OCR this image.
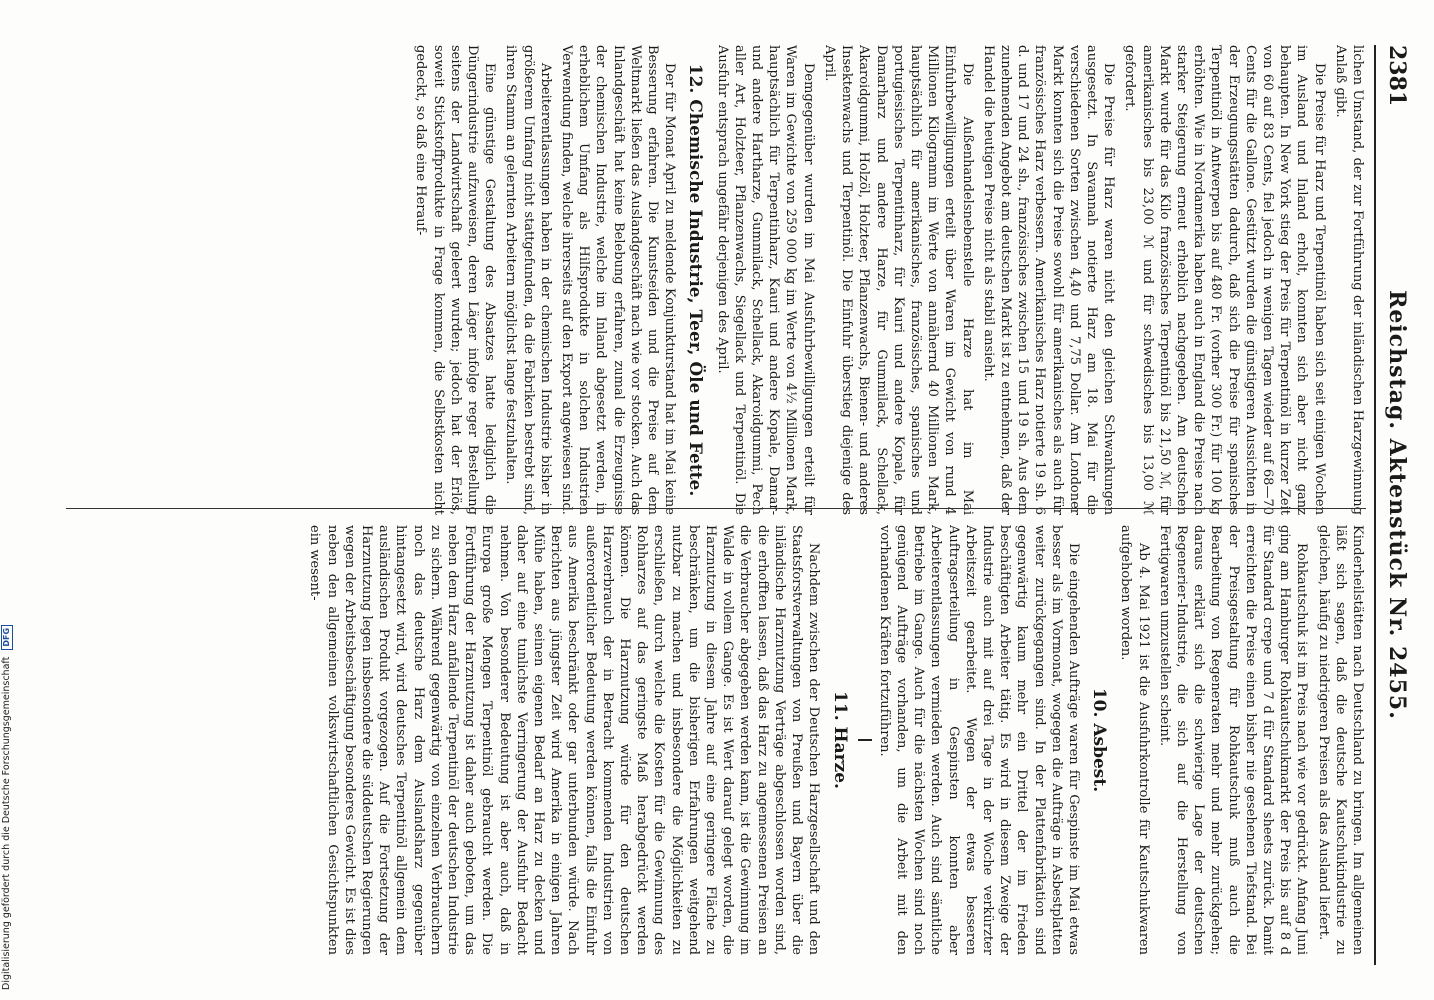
2381
Reichstag. Aktenstück Nr. 2455.

lichen Umstand, der zur Fortführung der inländischen Harzgewinnung Anlaß gibt.

Die Preise für Harz und Terpentinöl haben sich seit einigen Wochen im Ausland und Inland erholt, konnten sich aber nicht ganz behaupten. In New York stieg der Preis für Terpentinöl in kurzer Zeit von 60 auf 83 Cents, fiel jedoch in wenigen Tagen wieder auf 68—70 Cents für die Gallone. Gestützt wurden die günstigeren Aussichten in der Erzeugungsstätten dadurch, daß sich die Preise für spanisches Terpentinöl in Antwerpen bis auf 480 Fr. (vorher 300 Fr.) für 100 kg erhöhten. Wie in Nordamerika haben auch in England die Preise nach starker Steigerung erneut erheblich nachgegeben. Am deutschen Markt wurde für das Kilo französisches Terpentinöl bis 21,50 ℳ, für amerikanisches bis 23,00 ℳ und für schwedisches bis 13,00 ℳ gefordert.

Die Preise für Harz waren nicht den gleichen Schwankungen ausgesetzt. In Savannah notierte Harz am 18. Mai für die verschiedenen Sorten zwischen 4,40 und 7,75 Dollar. Am Londoner Markt konnten sich die Preise sowohl für amerikanisches als auch für französisches Harz verbessern. Amerikanisches Harz notierte 19 sh. 6 d. und 17 und 24 sh., französisches zwischen 15 und 19 sh. Aus dem zunehmenden Angebot am deutschen Markt ist zu entnehmen, daß der Handel die heutigen Preise nicht als stabil ansieht.

Die Außenhandelsnebenstelle Harze hat im Mai Einfuhrbewilligungen erteilt über Waren im Gewicht von rund 4 Millionen Kilogramm im Werte von annähernd 40 Millionen Mark, hauptsächlich für amerikanisches, französisches, spanisches und portugiesisches Terpentinharz, für Kauri und andere Kopale, für Damarharz und andere Harze, für Gummilack, Schellack, Akaroidgummi, Holzöl, Holzteer, Pflanzenwachs, Bienen- und anderes Insektenwachs und Terpentinöl. Die Einfuhr überstieg diejenige des April.

Demgegenüber wurden im Mai Ausfuhrbewilligungen erteilt für Waren im Gewichte von 259 000 kg im Werte von 4½ Millionen Mark, hauptsächlich für Terpentinharz, Kauri und andere Kopale, Damar- und andere Hartharze, Gummilack, Schellack, Akaroidgummi, Pech aller Art, Holzteer, Pflanzenwachs, Siegellack und Terpentinöl. Die Ausfuhr entsprach ungefähr derjenigen des April.

12. Chemische Industrie, Teer, Öle und Fette.

Der für Monat April zu meldende Konjunkturstand hat im Mai keine Besserung erfahren. Die Kunstseiden und die Preise auf dem Weltmarkt ließen das Auslandgeschäft nach wie vor stocken. Auch das Inlandgeschäft hat keine Belebung erfahren, zumal die Erzeugnisse der chemischen Industrie, welche im Inland abgesetzt werden, in erheblichem Umfang als Hilfsprodukte in solchen Industrien Verwendung finden, welche ihrerseits auf den Export angewiesen sind.

Arbeiterentlassungen haben in der chemischen Industrie bisher in größerem Umfang nicht stattgefunden, da die Fabriken bestrebt sind, ihren Stamm an gelernten Arbeitern möglichst lange festzuhalten.

Eine günstige Gestaltung des Absatzes hatte lediglich die Düngerindustrie aufzuweisen, deren Läger infolge reger Bestellung seitens der Landwirtschaft geleert wurden; jedoch hat der Erlös, soweit Stickstoffprodukte in Frage kommen, die Selbstkosten nicht gedeckt, so daß eine Herauf-

Kinderheilstätten nach Deutschland zu bringen. Im allgemeinen läßt sich sagen, daß die deutsche Kautschukindustrie zu gleichen, häufig zu niedrigeren Preisen als das Ausland liefert.

Rohkautschuk ist im Preis nach wie vor gedrückt. Anfang Juni ging am Hamburger Rohkautschukmarkt der Preis bis auf 8 d für Standard crepe und 7 d für Standard sheets zurück. Damit erreichten die Preise einen bisher nie gesehenen Tiefstand. Bei der Preisgestaltung für Rohkautschuk muß auch die Bearbeitung von Regeneraten mehr und mehr zurückgehen; daraus erklärt sich die schwierige Lage der deutschen Regenerier-Industrie, die sich auf die Herstellung von Fertigwaren umzustellen scheint.

Ab 4. Mai 1921 ist die Ausfuhrkontrolle für Kautschukwaren aufgehoben worden.

10. Asbest.

Die eingehenden Aufträge waren für Gespinste im Mai etwas besser als im Vormonat, wogegen die Aufträge in Asbestplatten weiter zurückgegangen sind. In der Plattenfabrikation sind gegenwärtig kaum mehr ein Drittel der im Frieden beschäftigten Arbeiter tätig. Es wird in diesem Zweige der Industrie auch mit auf drei Tage in der Woche verkürzter Arbeitszeit gearbeitet. Wegen der etwas besseren Auftragserteilung in Gespinsten konnten aber Arbeiterentlassungen vermieden werden. Auch sind sämtliche Betriebe im Gange. Auch für die nächsten Wochen sind noch genügend Aufträge vorhanden, um die Arbeit mit den vorhandenen Kräften fortzuführen.

11. Harze.

Nachdem zwischen der Deutschen Harzgesellschaft und den Staatsforstverwaltungen von Preußen und Bayern über die inländische Harznutzung Verträge abgeschlossen worden sind, die erhofften lassen, daß das Harz zu angemessenen Preisen an die Verbraucher abgegeben werden kann, ist die Gewinnung im Walde in vollem Gange. Es ist Wert darauf gelegt worden, die Harznutzung in diesem Jahre auf eine geringere Fläche zu beschränken, um die bisherigen Erfahrungen weitgehend nutzbar zu machen und insbesondere die Möglichkeiten zu erschließen, durch welche die Kosten für die Gewinnung des Rohharzes auf das geringste Maß herabgedrückt werden können. Die Harznutzung würde für den deutschen Harzverbrauch der in Betracht kommenden Industrien von außerordentlicher Bedeutung werden können, falls die Einfuhr aus Amerika beschränkt oder gar unterbunden würde. Nach Berichten aus jüngster Zeit wird Amerika in einigen Jahren Mühe haben, seinen eigenen Bedarf an Harz zu decken und daher auf eine tunlichste Verringerung der Ausfuhr Bedacht nehmen. Von besonderer Bedeutung ist aber auch, daß in Europa große Mengen Terpentinöl gebraucht werden. Die Fortführung der Harznutzung ist daher auch geboten, um das neben dem Harz anfallende Terpentinöl der deutschen Industrie zu sichern. Während gegenwärtig von einzelnen Verbrauchern noch das deutsche Harz dem Auslandsharz gegenüber hintangesetzt wird, wird deutsches Terpentinöl allgemein dem ausländischen Produkt vorgezogen. Auf die Fortsetzung der Harznutzung legen insbesondere die süddeutschen Regierungen wegen der Arbeitsbeschäftigung besonderes Gewicht. Es ist dies neben den allgemeinen volkswirtschaftlichen Gesichtspunkten ein wesent-

Digitalisierung gefördert durch die Deutsche Forschungsgemeinschaft DFG
